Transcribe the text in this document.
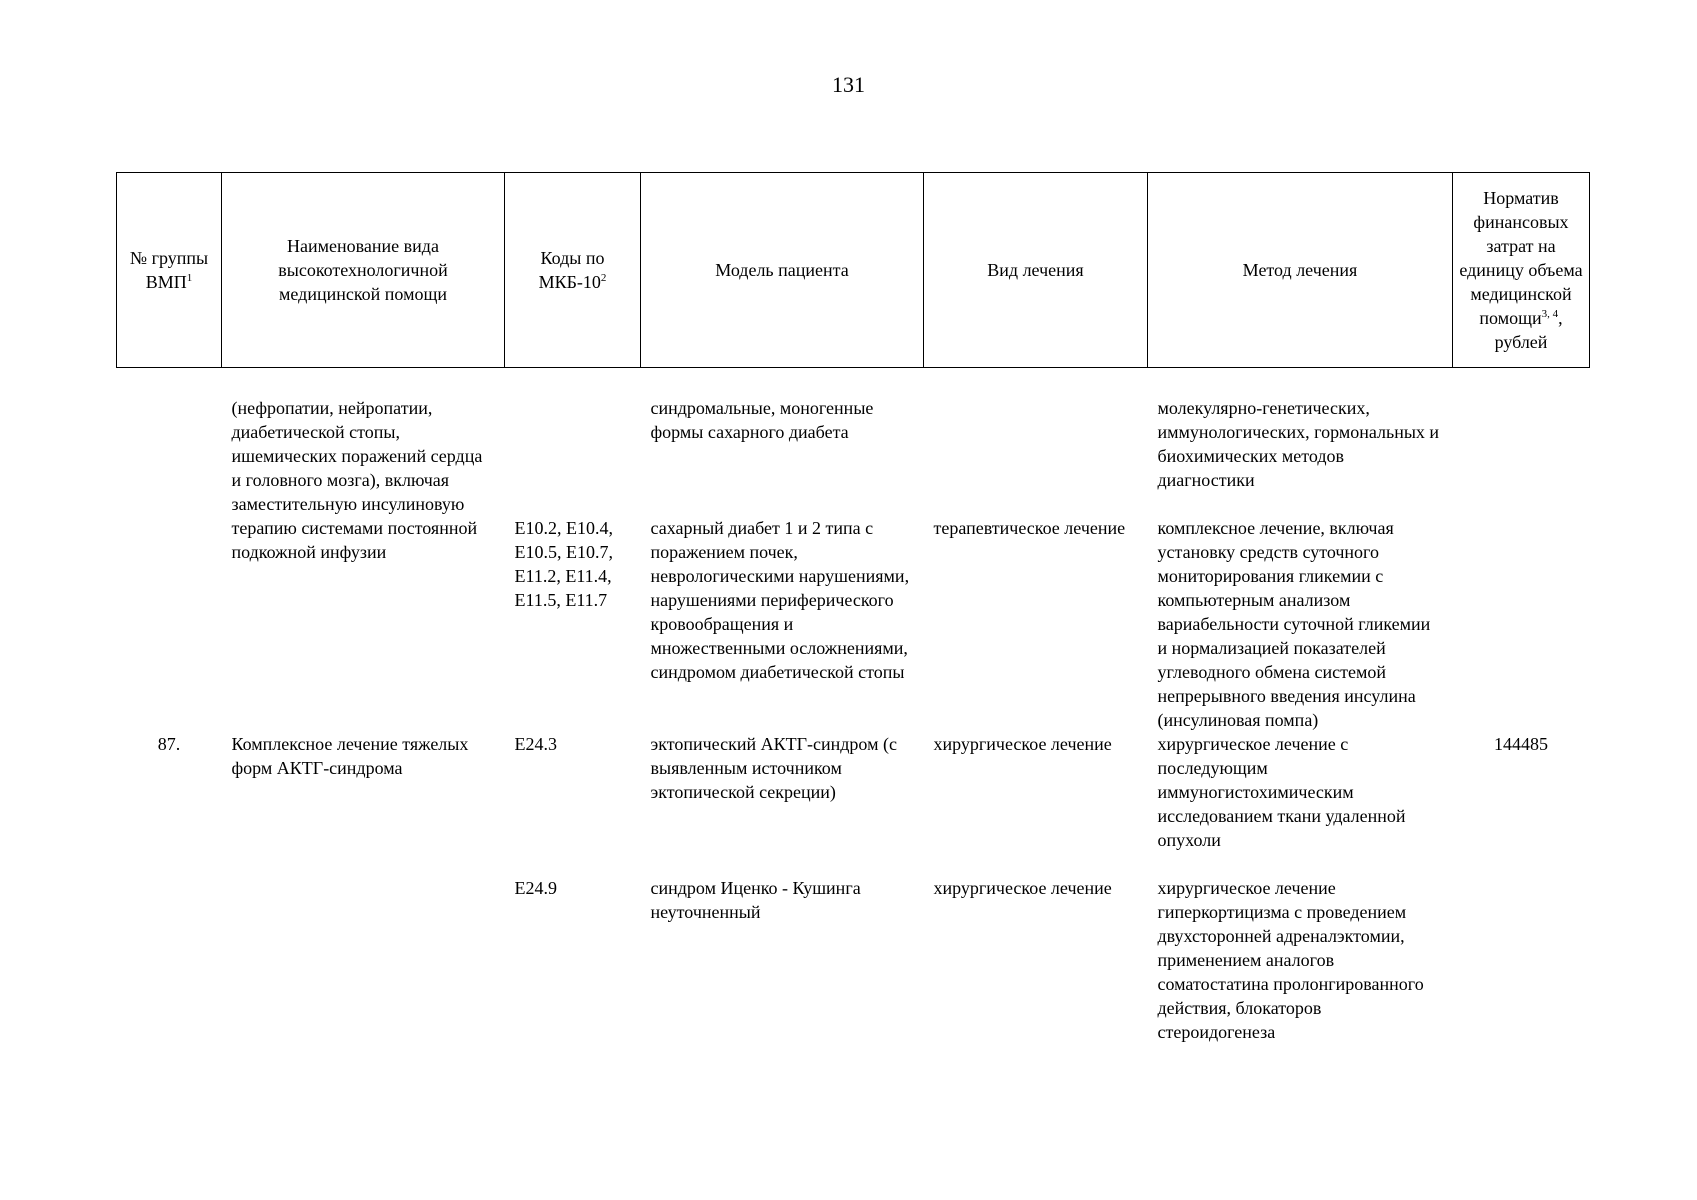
131
№ группы ВМП$^1$	Наименование вида высокотехнологичной медицинской помощи	Коды по МКБ-$10^2$	Модель пациента	Вид лечения	Метод лечения	Норматив финансовых затрат на единицу объема медицинской помощи$^{3, 4}$, рублей

	(нефропатии, нейропатии, диабетической стопы, ишемических поражений сердца и головного мозга), включая заместительную инсулиновую терапию системами постоянной подкожной инфузии		синдромальные, моногенные формы сахарного диабета		молекулярно-генетических, иммунологических, гормональных и биохимических методов диагностики	
		E10.2, E10.4, E10.5, E10.7, E11.2, E11.4, E11.5, E11.7	сахарный диабет 1 и 2 типа с поражением почек, неврологическими нарушениями, нарушениями периферического кровообращения и множественными осложнениями, синдромом диабетической стопы	терапевтическое лечение	комплексное лечение, включая установку средств суточного мониторирования гликемии с компьютерным анализом вариабельности суточной гликемии и нормализацией показателей углеводного обмена системой непрерывного введения инсулина (инсулиновая помпа)	
87.	Комплексное лечение тяжелых форм АКТГ-синдрома	E24.3	эктопический АКТГ-синдром (с выявленным источником эктопической секреции)	хирургическое лечение	хирургическое лечение с последующим иммуногистохимическим исследованием ткани удаленной опухоли	144485
		E24.9	синдром Иценко - Кушинга неуточненный	хирургическое лечение	хирургическое лечение гиперкортицизма с проведением двухсторонней адреналэктомии, применением аналогов соматостатина пролонгированного действия, блокаторов стероидогенеза	
